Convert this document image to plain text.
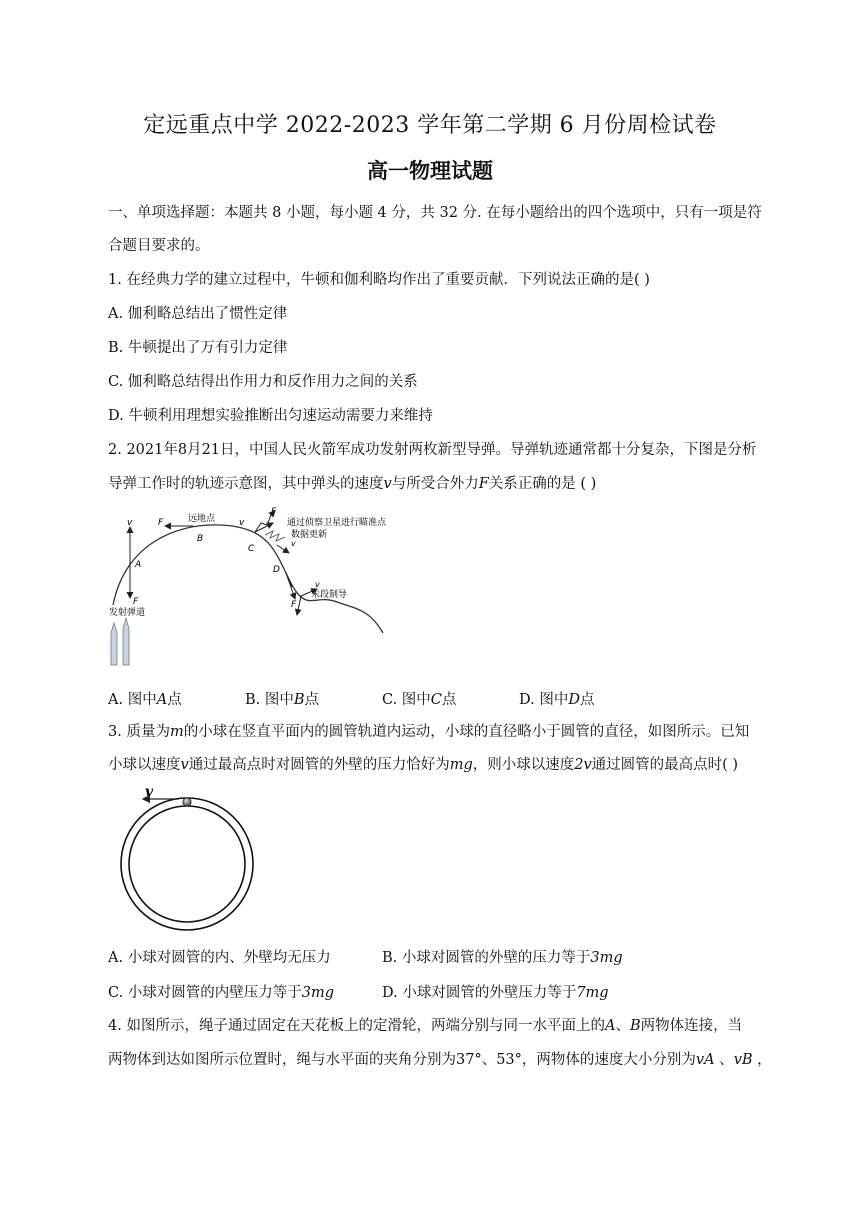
定远重点中学 2022-2023 学年第二学期 6 月份周检试卷
高一物理试题
一、单项选择题：本题共 8 小题，每小题 4 分，共 32 分. 在每小题给出的四个选项中，只有一项是符
合题目要求的。
1. 在经典力学的建立过程中，牛顿和伽利略均作出了重要贡献．下列说法正确的是( )
A. 伽利略总结出了惯性定律
B. 牛顿提出了万有引力定律
C. 伽利略总结得出作用力和反作用力之间的关系
D. 牛顿利用理想实验推断出匀速运动需要力来维持
2. 2021年8月21日，中国人民火箭军成功发射两枚新型导弹。导弹轨迹通常都十分复杂，下图是分析
导弹工作时的轨迹示意图，其中弹头的速度v与所受合外力F关系正确的是 ( )
v
A
F
发射弹道
F	远地点
B
v
F
C
通过侦察卫星进行瞄准点
数据更新
v
D
F
v
末段制导
A. 图中A点	B. 图中B点	C. 图中C点	D. 图中D点
3. 质量为m的小球在竖直平面内的圆管轨道内运动，小球的直径略小于圆管的直径，如图所示。已知
小球以速度v通过最高点时对圆管的外壁的压力恰好为mg，则小球以速度2v通过圆管的最高点时( )
v
A. 小球对圆管的内、外壁均无压力	B. 小球对圆管的外壁的压力等于3mg
C. 小球对圆管的内壁压力等于3mg	D. 小球对圆管的外壁压力等于7mg
4. 如图所示，绳子通过固定在天花板上的定滑轮，两端分别与同一水平面上的A、B两物体连接，当
两物体到达如图所示位置时，绳与水平面的夹角分别为37°、53°，两物体的速度大小分别为vA 、vB ，
